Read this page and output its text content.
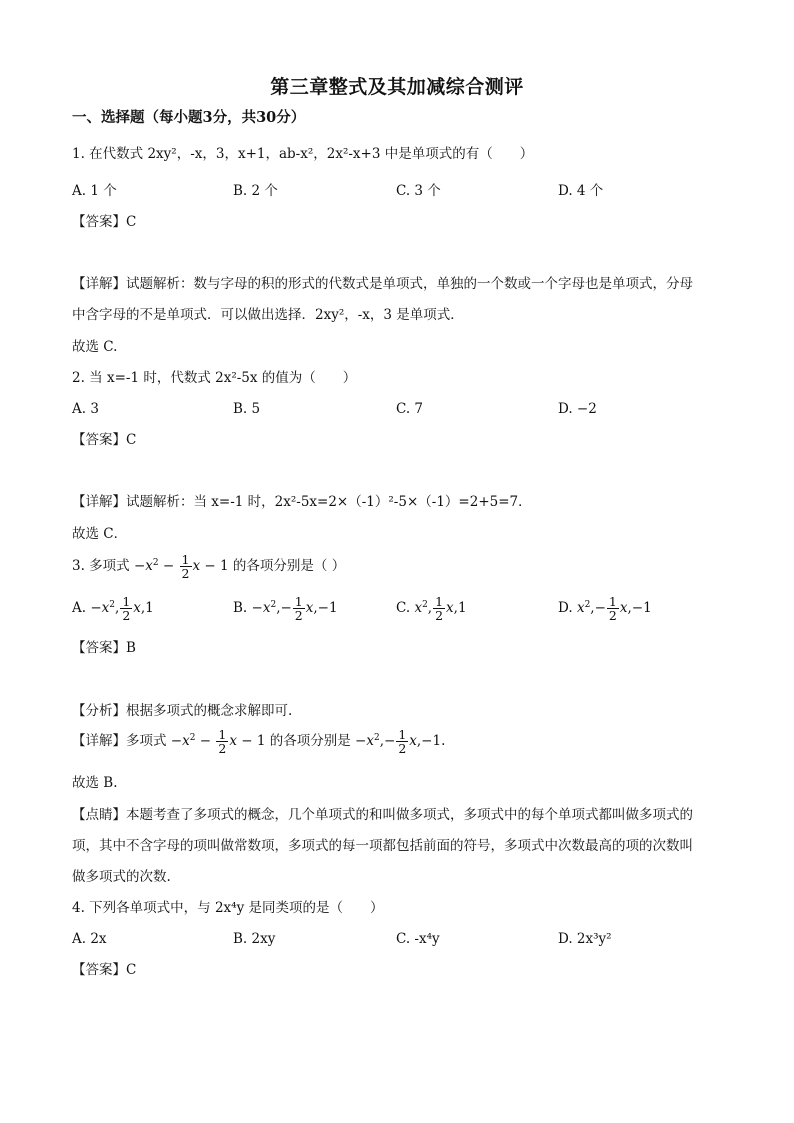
第三章整式及其加减综合测评
一、选择题（每小题3分，共30分）
1. 在代数式 2xy²，-x，3，x+1，ab-x²，2x²-x+3 中是单项式的有（　　）
A. 1 个	B. 2 个	C. 3 个	D. 4 个
【答案】C
【详解】试题解析：数与字母的积的形式的代数式是单项式，单独的一个数或一个字母也是单项式，分母
中含字母的不是单项式．可以做出选择．2xy²，-x，3 是单项式．
故选 C.
2. 当 x=-1 时，代数式 2x²-5x 的值为（　　）
A. 3	B. 5	C. 7	D. −2
【答案】C
【详解】试题解析：当 x=-1 时，2x²-5x=2×（-1）²-5×（-1）=2+5=7．
故选 C．
3. 多项式 $-x^2 - \frac{1}{2}$ x − 1 的各项分别是（ ）
A. $-x^2$, $\frac{1}{2} x,1$	B. $-x^2,- \frac{1}{2} x,-1$	C. $x^2$, $\frac{1}{2} x,1$	D. $x^2,- \frac{1}{2} x,-1$
【答案】B
【分析】根据多项式的概念求解即可.
【详解】多项式 $-x^2 - \frac{1}{2}$ x − 1 的各项分别是 $-x^2,- \frac{1}{2} x,-1$.
故选 B.
【点睛】本题考查了多项式的概念，几个单项式的和叫做多项式，多项式中的每个单项式都叫做多项式的
项，其中不含字母的项叫做常数项，多项式的每一项都包括前面的符号，多项式中次数最高的项的次数叫
做多项式的次数.
4. 下列各单项式中，与 2x⁴y 是同类项的是（　　）
A. 2x	B. 2xy	C. -x⁴y	D. 2x³y²
【答案】C
